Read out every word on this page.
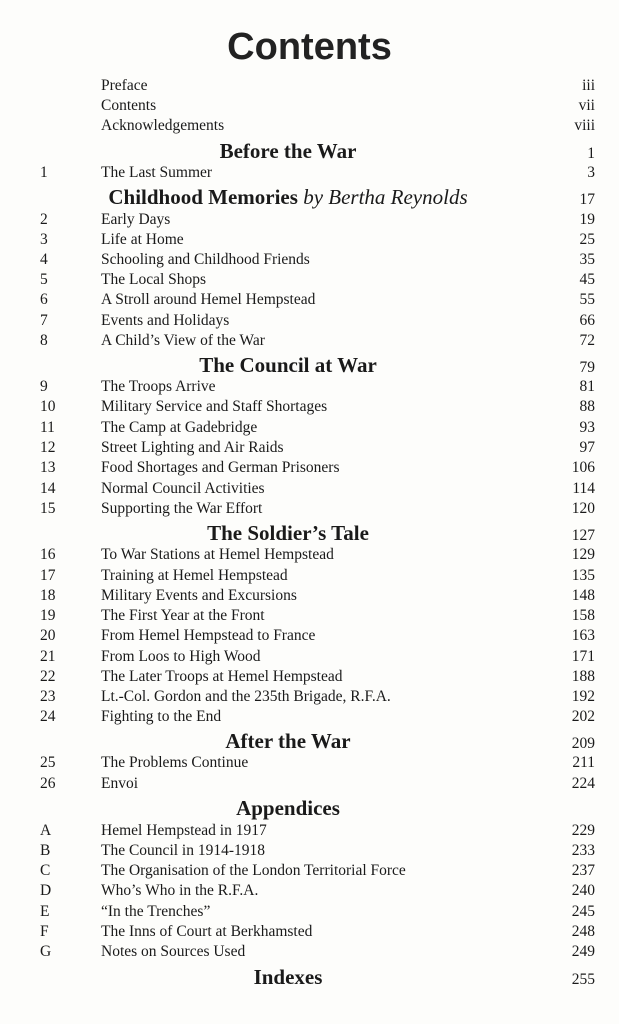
Contents
Preface	iii
Contents	vii
Acknowledgements	viii
Before the War	1
1	The Last Summer	3
Childhood Memories by Bertha Reynolds	17
2	Early Days	19
3	Life at Home	25
4	Schooling and Childhood Friends	35
5	The Local Shops	45
6	A Stroll around Hemel Hempstead	55
7	Events and Holidays	66
8	A Child’s View of the War	72
The Council at War	79
9	The Troops Arrive	81
10	Military Service and Staff Shortages	88
11	The Camp at Gadebridge	93
12	Street Lighting and Air Raids	97
13	Food Shortages and German Prisoners	106
14	Normal Council Activities	114
15	Supporting the War Effort	120
The Soldier’s Tale	127
16	To War Stations at Hemel Hempstead	129
17	Training at Hemel Hempstead	135
18	Military Events and Excursions	148
19	The First Year at the Front	158
20	From Hemel Hempstead to France	163
21	From Loos to High Wood	171
22	The Later Troops at Hemel Hempstead	188
23	Lt.-Col. Gordon and the 235th Brigade, R.F.A.	192
24	Fighting to the End	202
After the War	209
25	The Problems Continue	211
26	Envoi	224
Appendices
A	Hemel Hempstead in 1917	229
B	The Council in 1914-1918	233
C	The Organisation of the London Territorial Force	237
D	Who’s Who in the R.F.A.	240
E	“In the Trenches”	245
F	The Inns of Court at Berkhamsted	248
G	Notes on Sources Used	249
Indexes	255
